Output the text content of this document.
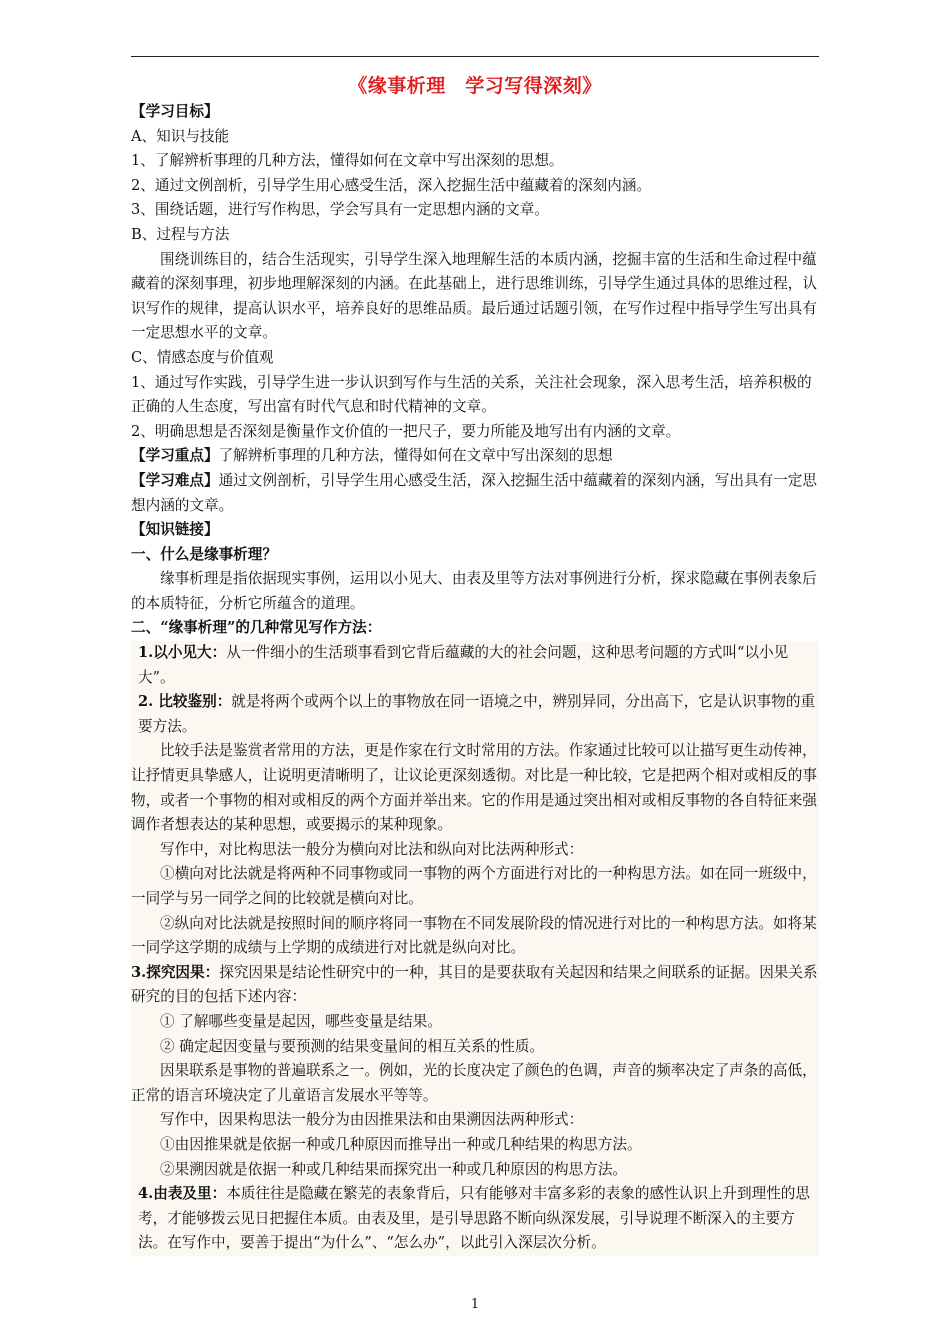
《缘事析理　学习写得深刻》

【学习目标】

A、知识与技能

1、了解辨析事理的几种方法，懂得如何在文章中写出深刻的思想。

2、通过文例剖析，引导学生用心感受生活，深入挖掘生活中蕴藏着的深刻内涵。

3、围绕话题，进行写作构思，学会写具有一定思想内涵的文章。

B、过程与方法

围绕训练目的，结合生活现实，引导学生深入地理解生活的本质内涵，挖掘丰富的生活和生命过程中蕴藏着的深刻事理，初步地理解深刻的内涵。在此基础上，进行思维训练，引导学生通过具体的思维过程，认识写作的规律，提高认识水平，培养良好的思维品质。最后通过话题引领，在写作过程中指导学生写出具有一定思想水平的文章。

C、情感态度与价值观

1、通过写作实践，引导学生进一步认识到写作与生活的关系，关注社会现象，深入思考生活，培养积极的正确的人生态度，写出富有时代气息和时代精神的文章。

2、明确思想是否深刻是衡量作文价值的一把尺子，要力所能及地写出有内涵的文章。

【学习重点】了解辨析事理的几种方法，懂得如何在文章中写出深刻的思想

【学习难点】通过文例剖析，引导学生用心感受生活，深入挖掘生活中蕴藏着的深刻内涵，写出具有一定思想内涵的文章。

【知识链接】

一、什么是缘事析理？

缘事析理是指依据现实事例，运用以小见大、由表及里等方法对事例进行分析，探求隐藏在事例表象后的本质特征，分析它所蕴含的道理。

二、“缘事析理”的几种常见写作方法：

1.以小见大：从一件细小的生活琐事看到它背后蕴藏的大的社会问题，这种思考问题的方式叫“以小见大”。

2. 比较鉴别：就是将两个或两个以上的事物放在同一语境之中，辨别异同，分出高下，它是认识事物的重要方法。

比较手法是鉴赏者常用的方法，更是作家在行文时常用的方法。作家通过比较可以让描写更生动传神，让抒情更具挚感人，让说明更清晰明了，让议论更深刻透彻。对比是一种比较，它是把两个相对或相反的事物，或者一个事物的相对或相反的两个方面并举出来。它的作用是通过突出相对或相反事物的各自特征来强调作者想表达的某种思想，或要揭示的某种现象。

写作中，对比构思法一般分为横向对比法和纵向对比法两种形式：

①横向对比法就是将两种不同事物或同一事物的两个方面进行对比的一种构思方法。如在同一班级中，一同学与另一同学之间的比较就是横向对比。

②纵向对比法就是按照时间的顺序将同一事物在不同发展阶段的情况进行对比的一种构思方法。如将某一同学这学期的成绩与上学期的成绩进行对比就是纵向对比。

3.探究因果：探究因果是结论性研究中的一种，其目的是要获取有关起因和结果之间联系的证据。因果关系研究的目的包括下述内容：

① 了解哪些变量是起因，哪些变量是结果。

② 确定起因变量与要预测的结果变量间的相互关系的性质。

因果联系是事物的普遍联系之一。例如，光的长度决定了颜色的色调，声音的频率决定了声条的高低，正常的语言环境决定了儿童语言发展水平等等。

写作中，因果构思法一般分为由因推果法和由果溯因法两种形式：

①由因推果就是依据一种或几种原因而推导出一种或几种结果的构思方法。

②果溯因就是依据一种或几种结果而探究出一种或几种原因的构思方法。

4.由表及里：本质往往是隐藏在繁芜的表象背后，只有能够对丰富多彩的表象的感性认识上升到理性的思考，才能够拨云见日把握住本质。由表及里，是引导思路不断向纵深发展，引导说理不断深入的主要方法。在写作中，要善于提出“为什么”、“怎么办”，以此引入深层次分析。

1
